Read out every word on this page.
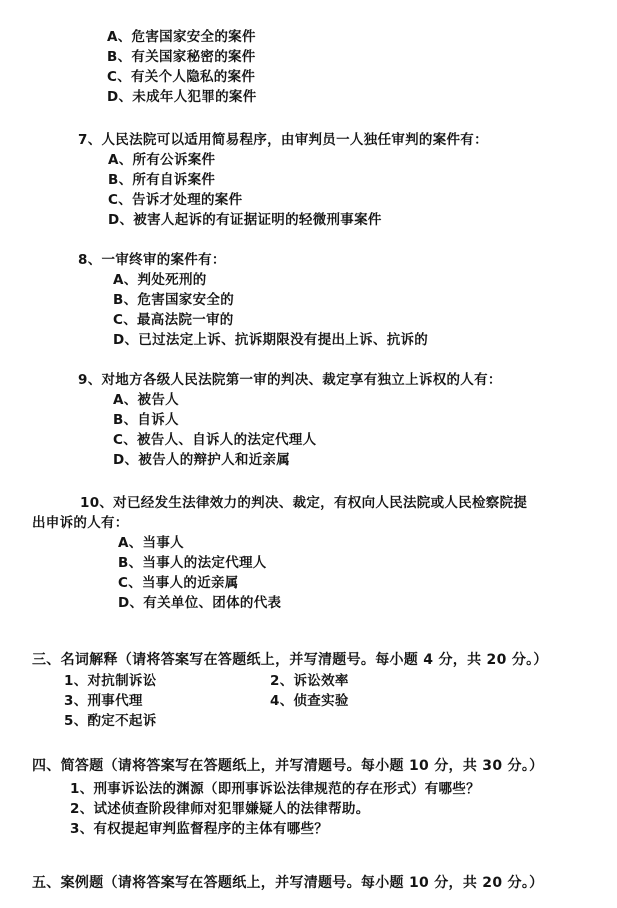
A、危害国家安全的案件
B、有关国家秘密的案件
C、有关个人隐私的案件
D、未成年人犯罪的案件
7、人民法院可以适用简易程序，由审判员一人独任审判的案件有：
A、所有公诉案件
B、所有自诉案件
C、告诉才处理的案件
D、被害人起诉的有证据证明的轻微刑事案件
8、一审终审的案件有：
A、判处死刑的
B、危害国家安全的
C、最高法院一审的
D、已过法定上诉、抗诉期限没有提出上诉、抗诉的
9、对地方各级人民法院第一审的判决、裁定享有独立上诉权的人有：
A、被告人
B、自诉人
C、被告人、自诉人的法定代理人
D、被告人的辩护人和近亲属
10、对已经发生法律效力的判决、裁定，有权向人民法院或人民检察院提
出申诉的人有：
A、当事人
B、当事人的法定代理人
C、当事人的近亲属
D、有关单位、团体的代表
三、名词解释（请将答案写在答题纸上，并写清题号。每小题 4 分，共 20 分。）
1、对抗制诉讼	2、诉讼效率
3、刑事代理	4、侦查实验
5、酌定不起诉
四、简答题（请将答案写在答题纸上，并写清题号。每小题 10 分，共 30 分。）
1、刑事诉讼法的渊源（即刑事诉讼法律规范的存在形式）有哪些？
2、试述侦查阶段律师对犯罪嫌疑人的法律帮助。
3、有权提起审判监督程序的主体有哪些？
五、案例题（请将答案写在答题纸上，并写清题号。每小题 10 分，共 20 分。）
